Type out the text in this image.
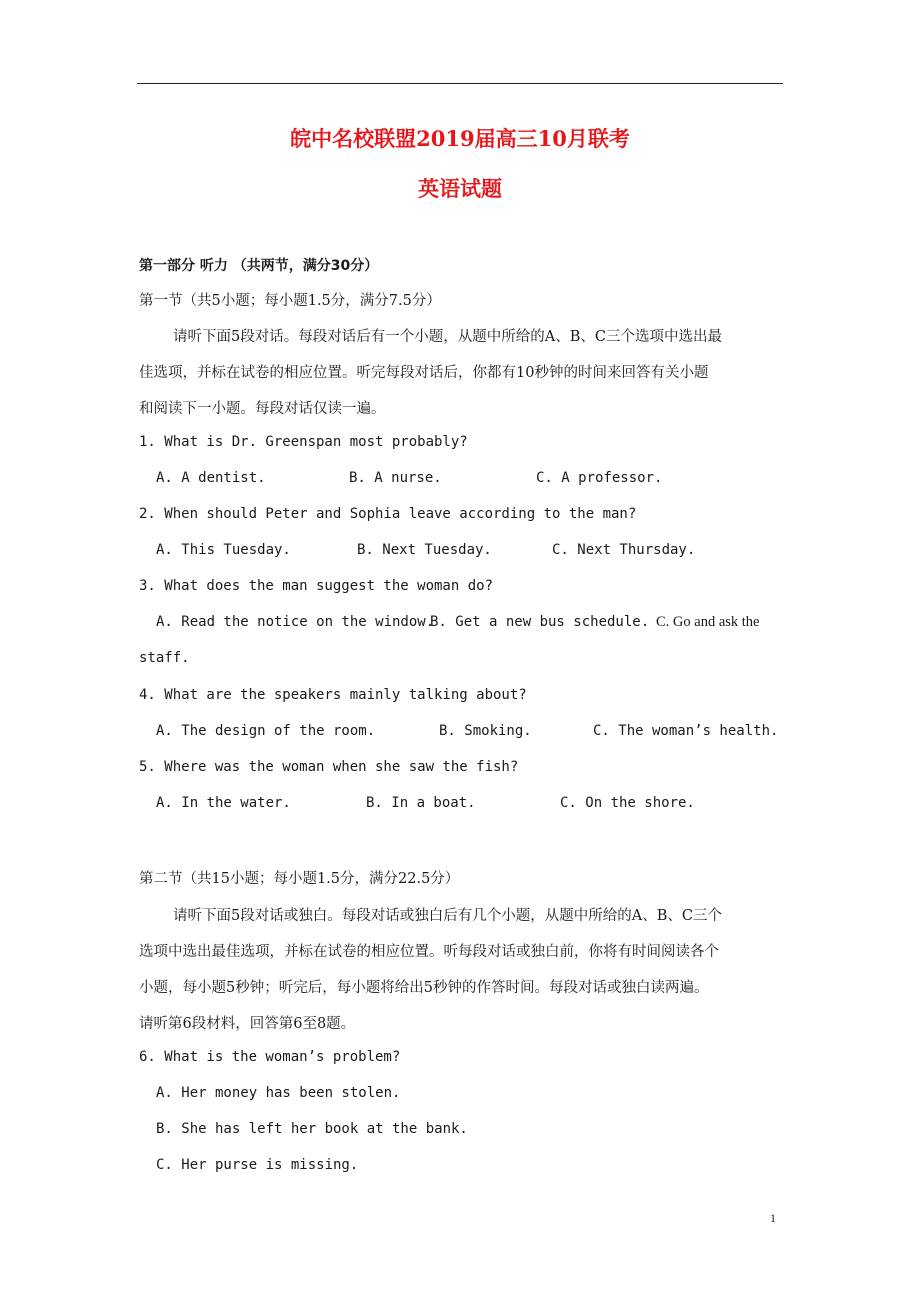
皖中名校联盟2019届高三10月联考
英语试题
第一部分 听力 （共两节，满分30分）
第一节（共5小题；每小题1.5分，满分7.5分）
请听下面5段对话。每段对话后有一个小题，从题中所给的A、B、C三个选项中选出最
佳选项，并标在试卷的相应位置。听完每段对话后，你都有10秒钟的时间来回答有关小题
和阅读下一小题。每段对话仅读一遍。
1. What is Dr. Greenspan most probably?
A. A dentist.	B. A nurse.	C. A professor.
2. When should Peter and Sophia leave according to the man?
A. This Tuesday.	B. Next Tuesday.	C. Next Thursday.
3. What does the man suggest the woman do?
A. Read the notice on the window.
B. Get a new bus schedule. C. Go and ask the
staff.
4. What are the speakers mainly talking about?
A. The design of the room.	B. Smoking.	C. The woman’s health.
5. Where was the woman when she saw the fish?
A. In the water.	B. In a boat.	C. On the shore.
第二节（共15小题；每小题1.5分，满分22.5分）
请听下面5段对话或独白。每段对话或独白后有几个小题，从题中所给的A、B、C三个
选项中选出最佳选项，并标在试卷的相应位置。听每段对话或独白前，你将有时间阅读各个
小题，每小题5秒钟；听完后，每小题将给出5秒钟的作答时间。每段对话或独白读两遍。
请听第6段材料，回答第6至8题。
6. What is the woman’s problem?
A. Her money has been stolen.
B. She has left her book at the bank.
C. Her purse is missing.
1
